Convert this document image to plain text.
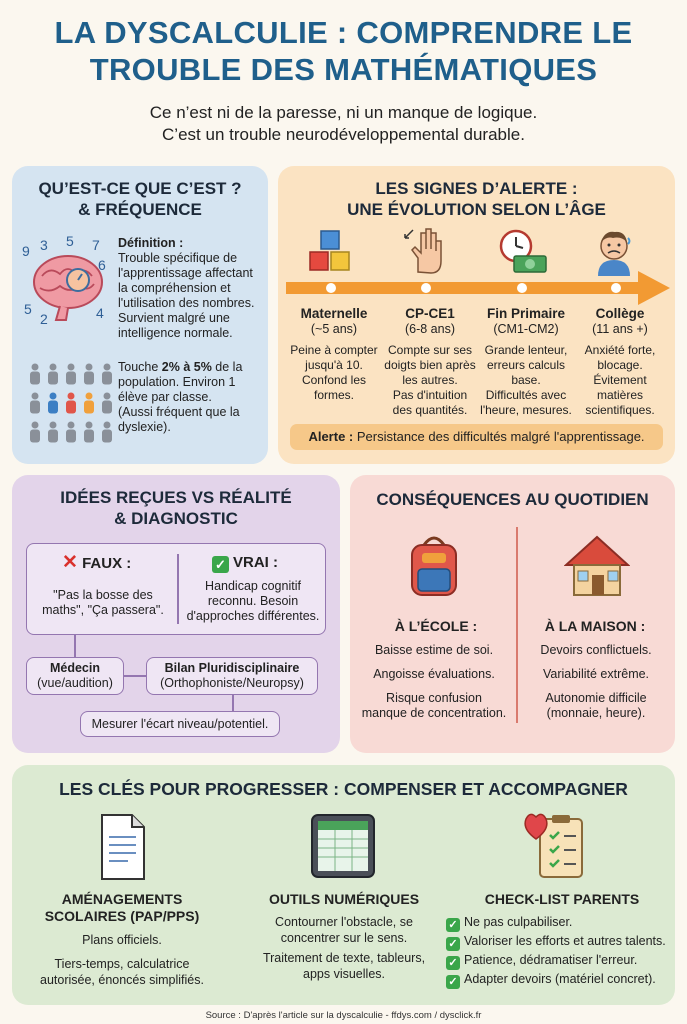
LA DYSCALCULIE : COMPRENDRE LE
TROUBLE DES MATHÉMATIQUES
Ce n’est ni de la paresse, ni un manque de logique.
C’est un trouble neurodéveloppemental durable.
QU’EST-CE QUE C’EST ?
& FRÉQUENCE
9 3 5 7
6
4
2
5
Définition :
Trouble spécifique de
l'apprentissage affectant
la compréhension et
l'utilisation des nombres.
Survient malgré une
intelligence normale.
Touche 2% à 5% de la
population. Environ 1
élève par classe.
(Aussi fréquent que la
dyslexie).
LES SIGNES D’ALERTE :
UNE ÉVOLUTION SELON L’ÂGE
Maternelle
(~5 ans)
Peine à compter
jusqu'à 10.
Confond les
formes.
CP-CE1
(6-8 ans)
Compte sur ses
doigts bien après
les autres.
Pas d'intuition
des quantités.
Fin Primaire
(CM1-CM2)
Grande lenteur,
erreurs calculs
base.
Difficultés avec
l'heure, mesures.
Collège
(11 ans +)
Anxiété forte,
blocage.
Évitement
matières
scientifiques.
Alerte : Persistance des difficultés malgré l'apprentissage.
IDÉES REÇUES VS RÉALITÉ
& DIAGNOSTIC
✕ FAUX :
"Pas la bosse des
maths", "Ça passera".
✓ VRAI :
Handicap cognitif
reconnu. Besoin
d'approches différentes.
Médecin
(vue/audition)
Bilan Pluridisciplinaire
(Orthophoniste/Neuropsy)
Mesurer l'écart niveau/potentiel.
CONSÉQUENCES AU QUOTIDIEN
À L’ÉCOLE :
Baisse estime de soi.
Angoisse évaluations.
Risque confusion
manque de concentration.
À LA MAISON :
Devoirs conflictuels.
Variabilité extrême.
Autonomie difficile
(monnaie, heure).
LES CLÉS POUR PROGRESSER : COMPENSER ET ACCOMPAGNER
AMÉNAGEMENTS
SCOLAIRES (PAP/PPS)
Plans officiels.
Tiers-temps, calculatrice
autorisée, énoncés simplifiés.
OUTILS NUMÉRIQUES
Contourner l'obstacle, se
concentrer sur le sens.
Traitement de texte, tableurs,
apps visuelles.
CHECK-LIST PARENTS
✓ Ne pas culpabiliser.
✓ Valoriser les efforts et autres talents.
✓ Patience, dédramatiser l'erreur.
✓ Adapter devoirs (matériel concret).
Source : D'après l'article sur la dyscalculie - ffdys.com / dysclick.fr
